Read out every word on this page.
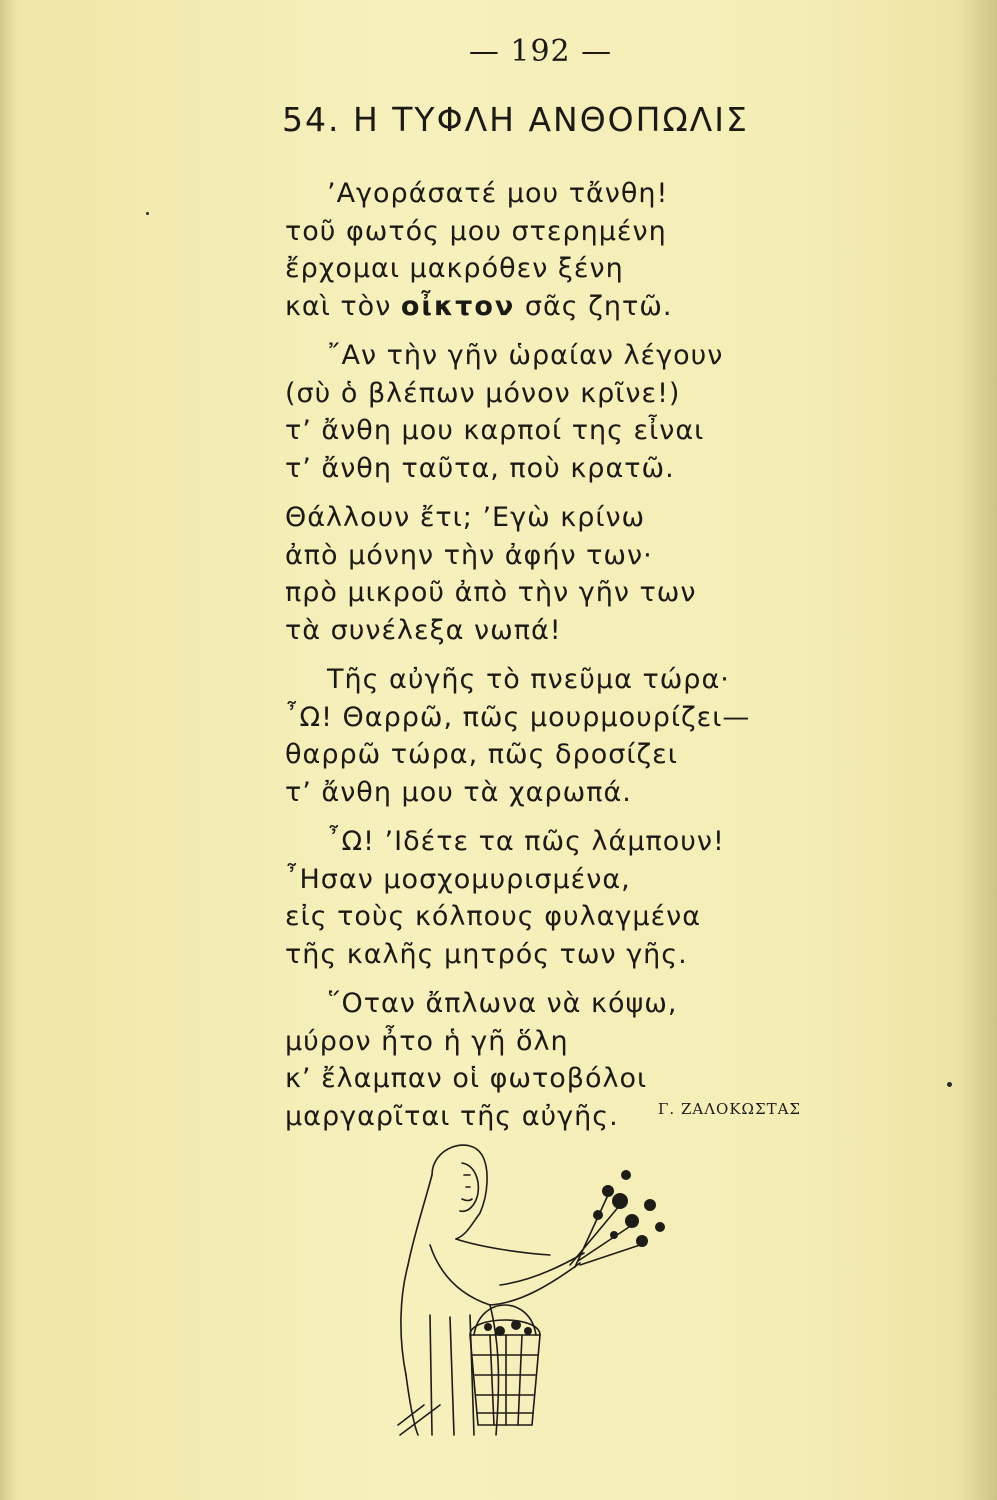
— 192 —
54. Η ΤΥΦΛΗ ΑΝΘΟΠΩΛΙΣ
’Αγοράσατέ μου τἄνθη!
τοῦ φωτός μου στερημένη
ἔρχομαι μακρόθεν ξένη
καὶ τὸν οἶκτον σᾶς ζητῶ.
῎Αν τὴν γῆν ὡραίαν λέγουν
(σὺ ὁ βλέπων μόνον κρῖνε!)
τ’ ἄνθη μου καρποί της εἶναι
τ’ ἄνθη ταῦτα, ποὺ κρατῶ.
Θάλλουν ἔτι; ’Εγὼ κρίνω
ἀπὸ μόνην τὴν ἀφήν των·
πρὸ μικροῦ ἀπὸ τὴν γῆν των
τὰ συνέλεξα νωπά!
Τῆς αὐγῆς τὸ πνεῦμα τώρα·
῏Ω! Θαρρῶ, πῶς μουρμουρίζει—
θαρρῶ τώρα, πῶς δροσίζει
τ’ ἄνθη μου τὰ χαρωπά.
῏Ω! ’Ιδέτε τα πῶς λάμπουν!
῏Ησαν μοσχομυρισμένα,
εἰς τοὺς κόλπους φυλαγμένα
τῆς καλῆς μητρός των γῆς.
῞Οταν ἄπλωνα νὰ κόψω,
μύρον ἦτο ἡ γῆ ὅλη
κ’ ἔλαμπαν οἱ φωτοβόλοι
μαργαρῖται τῆς αὐγῆς.	Γ. ΖΑΛΟΚΩΣΤΑΣ
